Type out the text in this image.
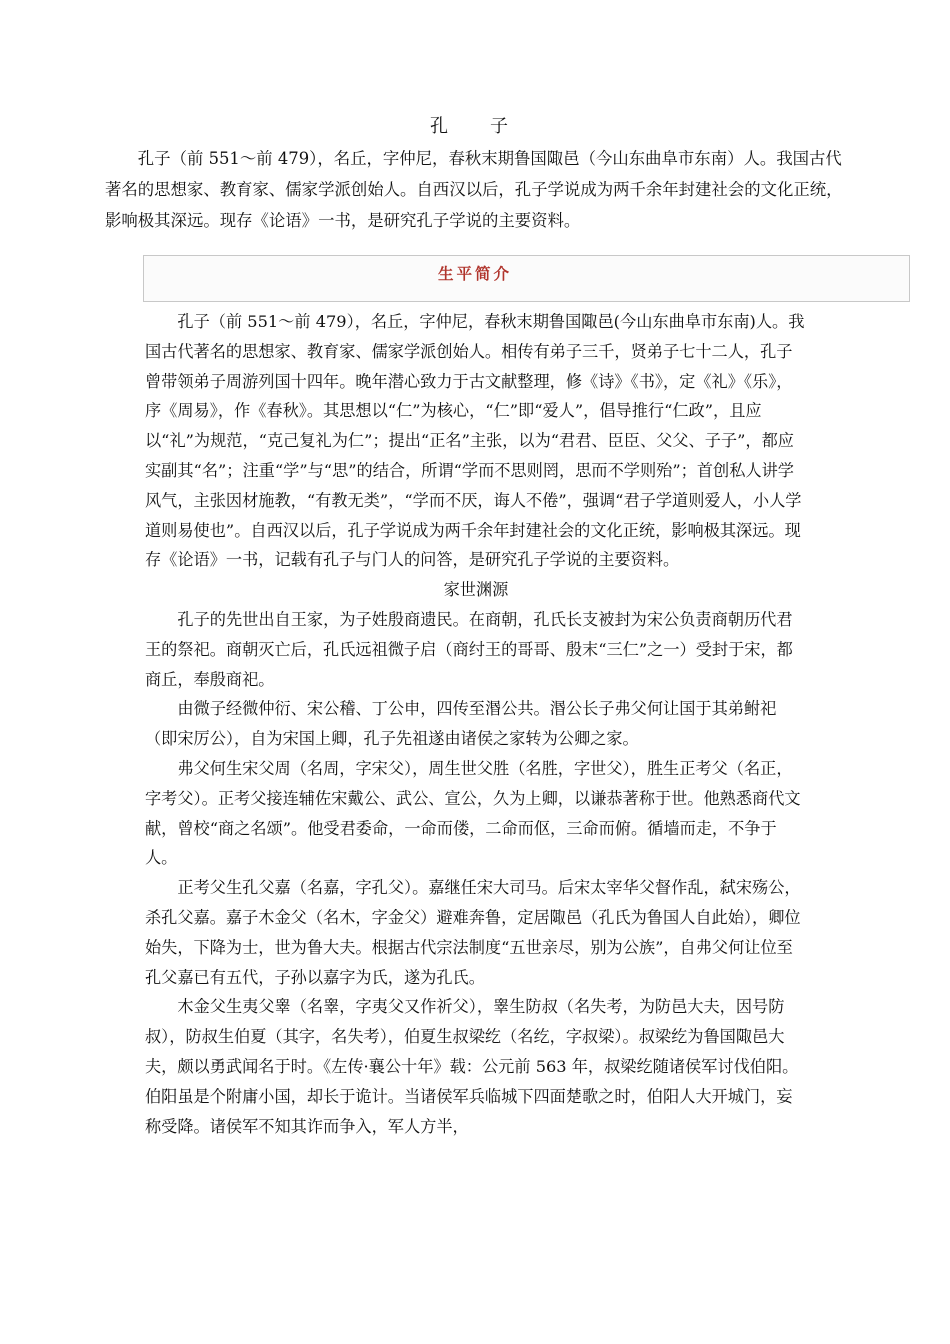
孔　子

孔子（前 551～前 479），名丘，字仲尼，春秋末期鲁国陬邑（今山东曲阜市东南）人。我国古代著名的思想家、教育家、儒家学派创始人。自西汉以后，孔子学说成为两千余年封建社会的文化正统，影响极其深远。现存《论语》一书，是研究孔子学说的主要资料。

生平简介

孔子（前 551～前 479），名丘，字仲尼，春秋末期鲁国陬邑(今山东曲阜市东南)人。我国古代著名的思想家、教育家、儒家学派创始人。相传有弟子三千，贤弟子七十二人，孔子曾带领弟子周游列国十四年。晚年潜心致力于古文献整理，修《诗》《书》，定《礼》《乐》，序《周易》，作《春秋》。其思想以“仁”为核心，“仁”即“爱人”，倡导推行“仁政”，且应以“礼”为规范，“克己复礼为仁”；提出“正名”主张，以为“君君、臣臣、父父、子子”，都应实副其“名”；注重“学”与“思”的结合，所谓“学而不思则罔，思而不学则殆”；首创私人讲学风气，主张因材施教，“有教无类”，“学而不厌，诲人不倦”，强调“君子学道则爱人，小人学道则易使也”。自西汉以后，孔子学说成为两千余年封建社会的文化正统，影响极其深远。现存《论语》一书，记载有孔子与门人的问答，是研究孔子学说的主要资料。

家世渊源

孔子的先世出自王家，为子姓殷商遗民。在商朝，孔氏长支被封为宋公负责商朝历代君王的祭祀。商朝灭亡后，孔氏远祖微子启（商纣王的哥哥、殷末“三仁”之一）受封于宋，都商丘，奉殷商祀。

由微子经微仲衍、宋公稽、丁公申，四传至湣公共。湣公长子弗父何让国于其弟鲋祀（即宋厉公），自为宋国上卿，孔子先祖遂由诸侯之家转为公卿之家。

弗父何生宋父周（名周，字宋父），周生世父胜（名胜，字世父），胜生正考父（名正，字考父）。正考父接连辅佐宋戴公、武公、宣公，久为上卿，以谦恭著称于世。他熟悉商代文献，曾校“商之名颂”。他受君委命，一命而偻，二命而伛，三命而俯。循墙而走，不争于人。

正考父生孔父嘉（名嘉，字孔父）。嘉继任宋大司马。后宋太宰华父督作乱，弑宋殇公，杀孔父嘉。嘉子木金父（名木，字金父）避难奔鲁，定居陬邑（孔氏为鲁国人自此始），卿位始失，下降为士，世为鲁大夫。根据古代宗法制度“五世亲尽，别为公族”，自弗父何让位至孔父嘉已有五代，子孙以嘉字为氏，遂为孔氏。

木金父生夷父睾（名睾，字夷父又作祈父），睾生防叔（名失考，为防邑大夫，因号防叔），防叔生伯夏（其字，名失考），伯夏生叔梁纥（名纥，字叔梁）。叔梁纥为鲁国陬邑大夫，颇以勇武闻名于时。《左传·襄公十年》载：公元前 563 年，叔梁纥随诸侯军讨伐伯阳。伯阳虽是个附庸小国，却长于诡计。当诸侯军兵临城下四面楚歌之时，伯阳人大开城门，妄称受降。诸侯军不知其诈而争入，军人方半，
